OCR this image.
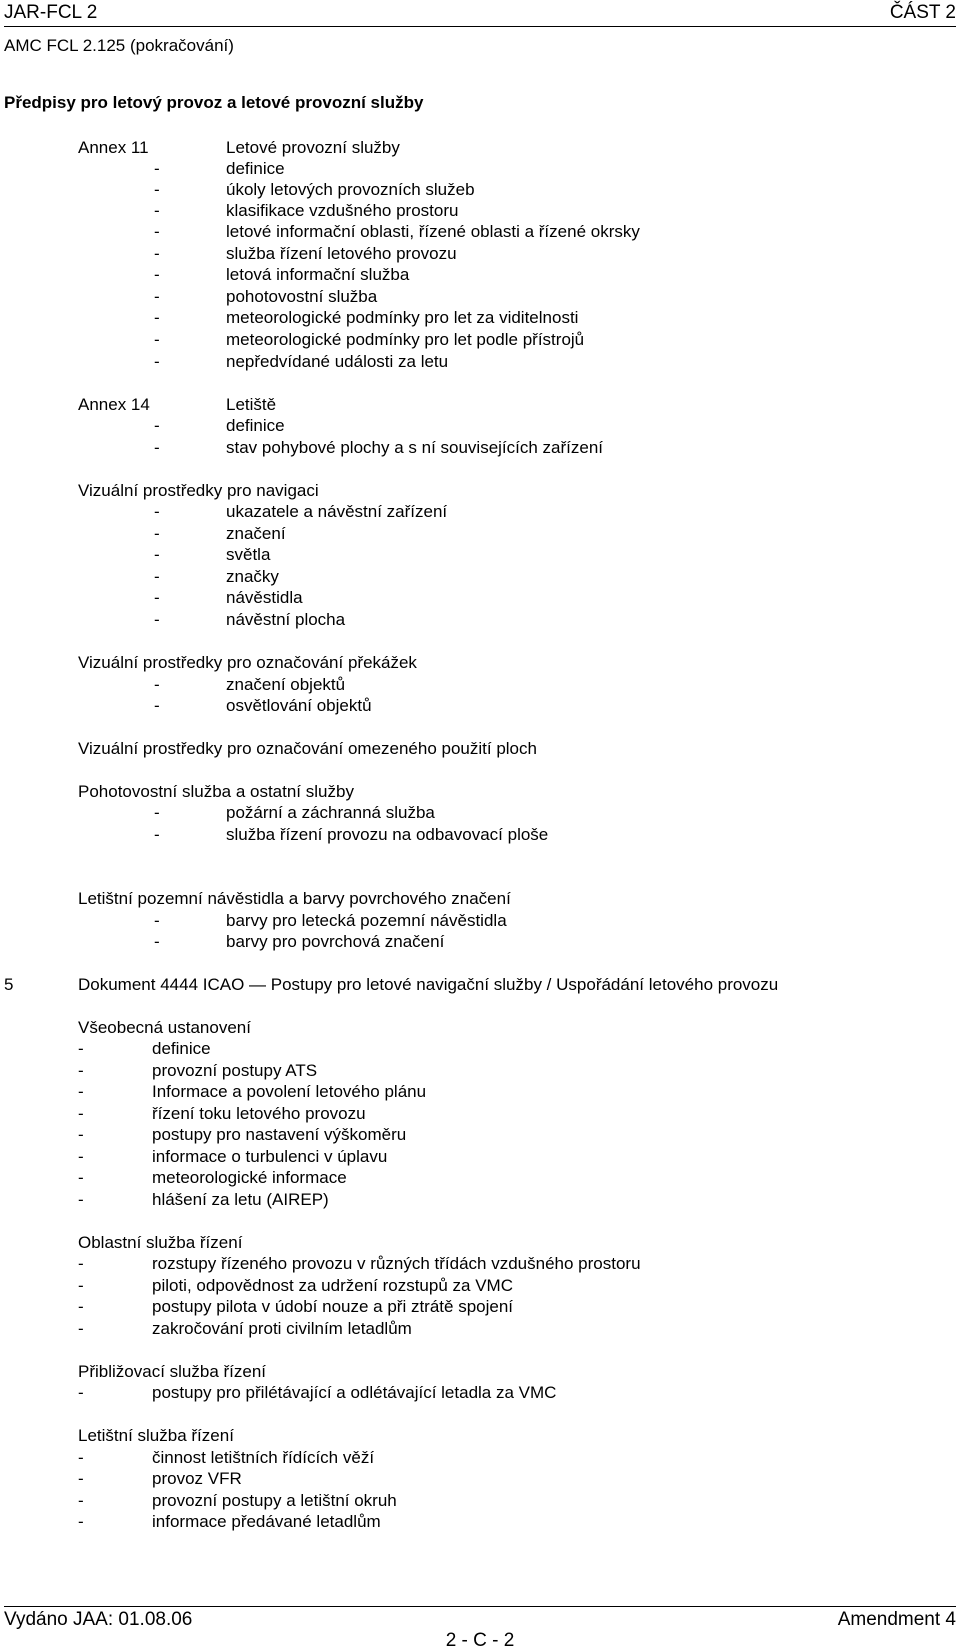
JAR-FCL 2	ČÁST 2
AMC FCL 2.125 (pokračování)
Předpisy pro letový provoz a letové provozní služby
Annex 11	Letové provozní služby
-	definice
-	úkoly letových provozních služeb
-	klasifikace vzdušného prostoru
-	letové informační oblasti, řízené oblasti a řízené okrsky
-	služba řízení letového provozu
-	letová informační služba
-	pohotovostní služba
-	meteorologické podmínky pro let za viditelnosti
-	meteorologické podmínky pro let podle přístrojů
-	nepředvídané události za letu
Annex 14	Letiště
-	definice
-	stav pohybové plochy a s ní souvisejících zařízení
Vizuální prostředky pro navigaci
-	ukazatele a návěstní zařízení
-	značení
-	světla
-	značky
-	návěstidla
-	návěstní plocha
Vizuální prostředky pro označování překážek
-	značení objektů
-	osvětlování objektů
Vizuální prostředky pro označování omezeného použití ploch
Pohotovostní služba a ostatní služby
-	požární a záchranná služba
-	služba řízení provozu na odbavovací ploše
Letištní pozemní návěstidla a barvy povrchového značení
-	barvy pro letecká pozemní návěstidla
-	barvy pro povrchová značení
5	Dokument 4444 ICAO — Postupy pro letové navigační služby / Uspořádání letového provozu
Všeobecná ustanovení
-	definice
-	provozní postupy ATS
-	Informace a povolení letového plánu
-	řízení toku letového provozu
-	postupy pro nastavení výškoměru
-	informace o turbulenci v úplavu
-	meteorologické informace
-	hlášení za letu (AIREP)
Oblastní služba řízení
-	rozstupy řízeného provozu v různých třídách vzdušného prostoru
-	piloti, odpovědnost za udržení rozstupů za VMC
-	postupy pilota v údobí nouze a při ztrátě spojení
-	zakročování proti civilním letadlům
Přibližovací služba řízení
-	postupy pro přilétávající a odlétávající letadla za VMC
Letištní služba řízení
-	činnost letištních řídících věží
-	provoz VFR
-	provozní postupy a letištní okruh
-	informace předávané letadlům
Vydáno JAA: 01.08.06	Amendment 4
2 - C - 2
